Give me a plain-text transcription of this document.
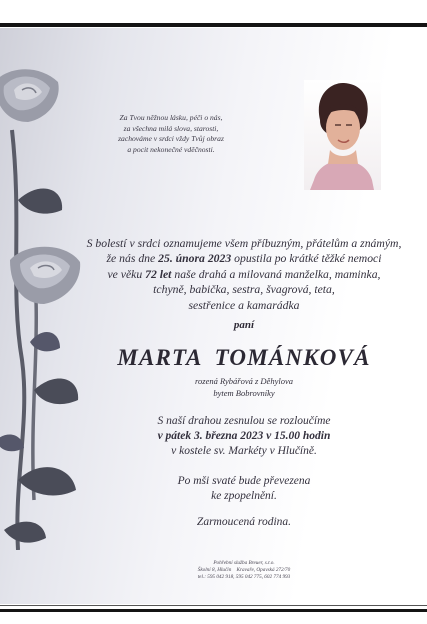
Za Tvou něžnou lásku, péči o nás,
za všechna milá slova, starosti,
zachováme v srdci vždy Tvůj obraz
a pocit nekonečné vděčnosti.
S bolestí v srdci oznamujeme všem příbuzným, přátelům a známým,
že nás dne 25. února 2023 opustila po krátké těžké nemoci
ve věku 72 let naše drahá a milovaná manželka, maminka,
tchyně, babička, sestra, švagrová, teta,
sestřenice a kamarádka
paní
MARTA TOMÁNKOVÁ
rozená Rybářová z Děhylova
bytem Bobrovníky
S naší drahou zesnulou se rozloučíme
v pátek 3. března 2023 v 15.00 hodin
v kostele sv. Markéty v Hlučíně.
Po mši svaté bude převezena
ke zpopelnění.
Zarmoucená rodina.
Pohřební služba Breuer, s.r.o.
Školní 8, Hlučín    Kravaře, Opavská 272/70
tel.: 595 042 918, 595 042 775, 602 774 993
